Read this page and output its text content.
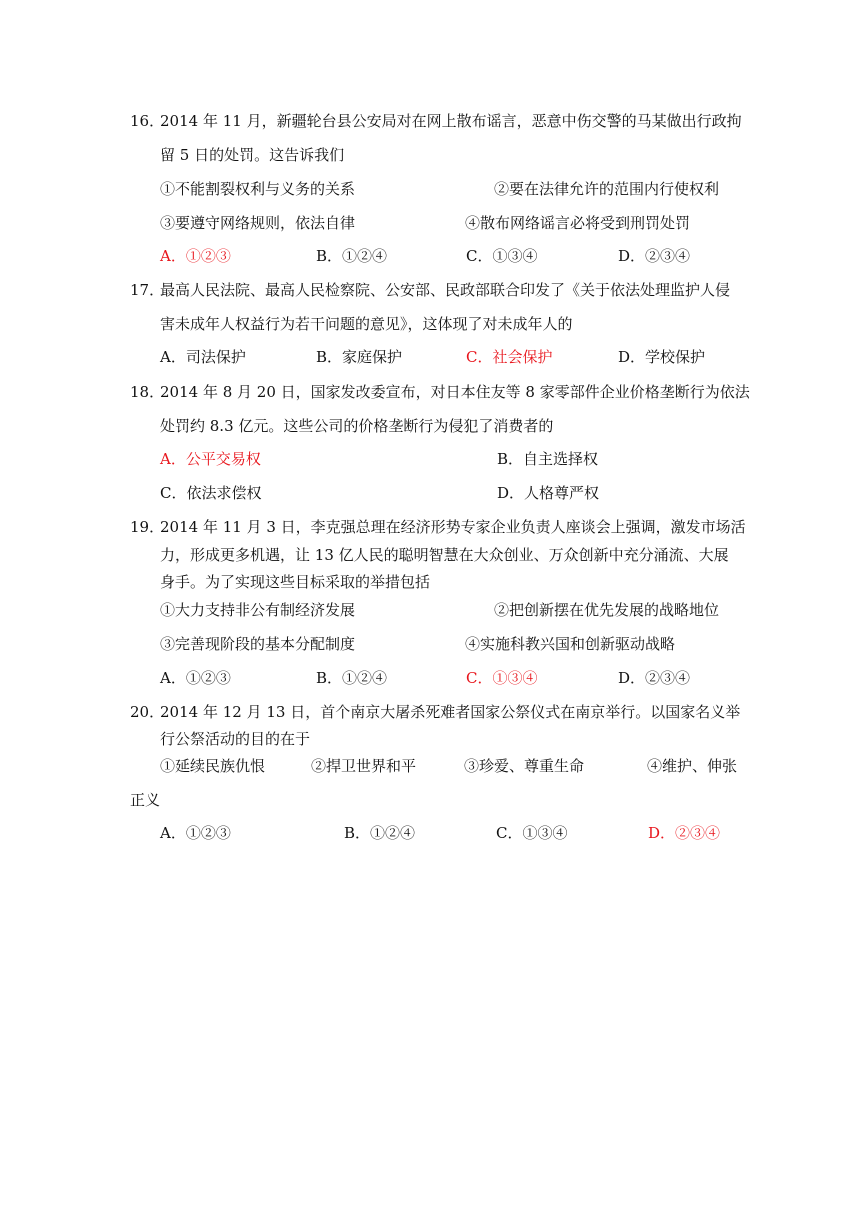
16．
2014 年 11 月，新疆轮台县公安局对在网上散布谣言，恶意中伤交警的马某做出行政拘
留 5 日的处罚。这告诉我们
①不能割裂权利与义务的关系	②要在法律允许的范围内行使权利
③要遵守网络规则，依法自律	④散布网络谣言必将受到刑罚处罚
A．①②③	B．①②④	C．①③④	D．②③④
17．
最高人民法院、最高人民检察院、公安部、民政部联合印发了《关于依法处理监护人侵
害未成年人权益行为若干问题的意见》，这体现了对未成年人的
A．司法保护	B．家庭保护	C．社会保护	D．学校保护
18．
2014 年 8 月 20 日，国家发改委宣布，对日本住友等 8 家零部件企业价格垄断行为依法
处罚约 8.3 亿元。这些公司的价格垄断行为侵犯了消费者的
A．公平交易权	B．自主选择权
C．依法求偿权	D．人格尊严权
19．
2014 年 11 月 3 日，李克强总理在经济形势专家企业负责人座谈会上强调，激发市场活
力，形成更多机遇，让 13 亿人民的聪明智慧在大众创业、万众创新中充分涌流、大展
身手。为了实现这些目标采取的举措包括
①大力支持非公有制经济发展	②把创新摆在优先发展的战略地位
③完善现阶段的基本分配制度	④实施科教兴国和创新驱动战略
A．①②③	B．①②④	C．①③④	D．②③④
20．
2014 年 12 月 13 日，首个南京大屠杀死难者国家公祭仪式在南京举行。以国家名义举
行公祭活动的目的在于
①延续民族仇恨	②捍卫世界和平	③珍爱、尊重生命	④维护、伸张
正义
A．①②③	B．①②④	C．①③④	D．②③④
